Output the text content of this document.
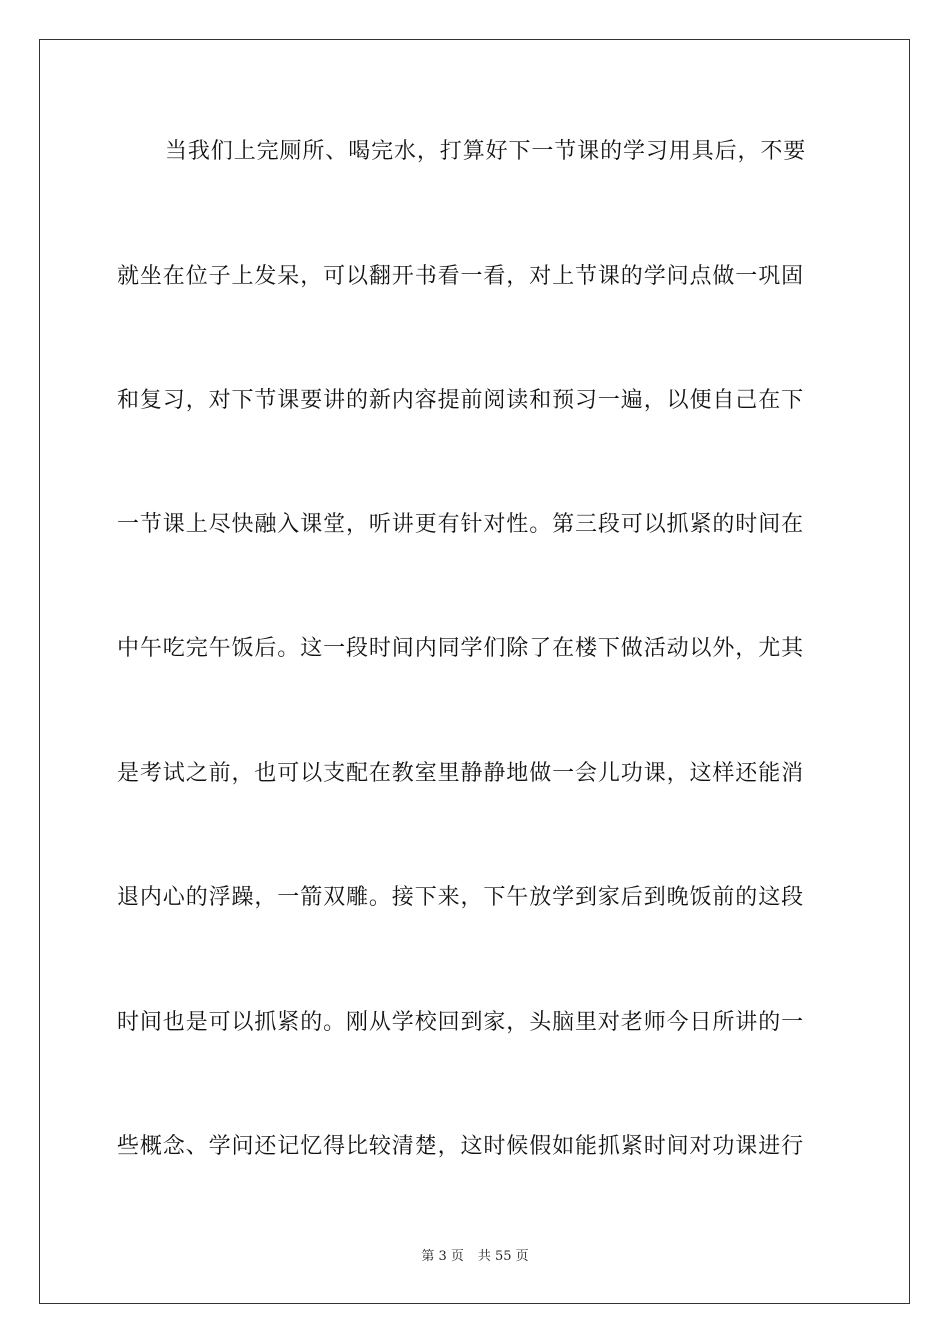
当我们上完厕所、喝完水，打算好下一节课的学习用具后，不要
就坐在位子上发呆，可以翻开书看一看，对上节课的学问点做一巩固
和复习，对下节课要讲的新内容提前阅读和预习一遍，以便自己在下
一节课上尽快融入课堂，听讲更有针对性。第三段可以抓紧的时间在
中午吃完午饭后。这一段时间内同学们除了在楼下做活动以外，尤其
是考试之前，也可以支配在教室里静静地做一会儿功课，这样还能消
退内心的浮躁，一箭双雕。接下来，下午放学到家后到晚饭前的这段
时间也是可以抓紧的。刚从学校回到家，头脑里对老师今日所讲的一
些概念、学问还记忆得比较清楚，这时候假如能抓紧时间对功课进行
第 3 页 共 55 页
